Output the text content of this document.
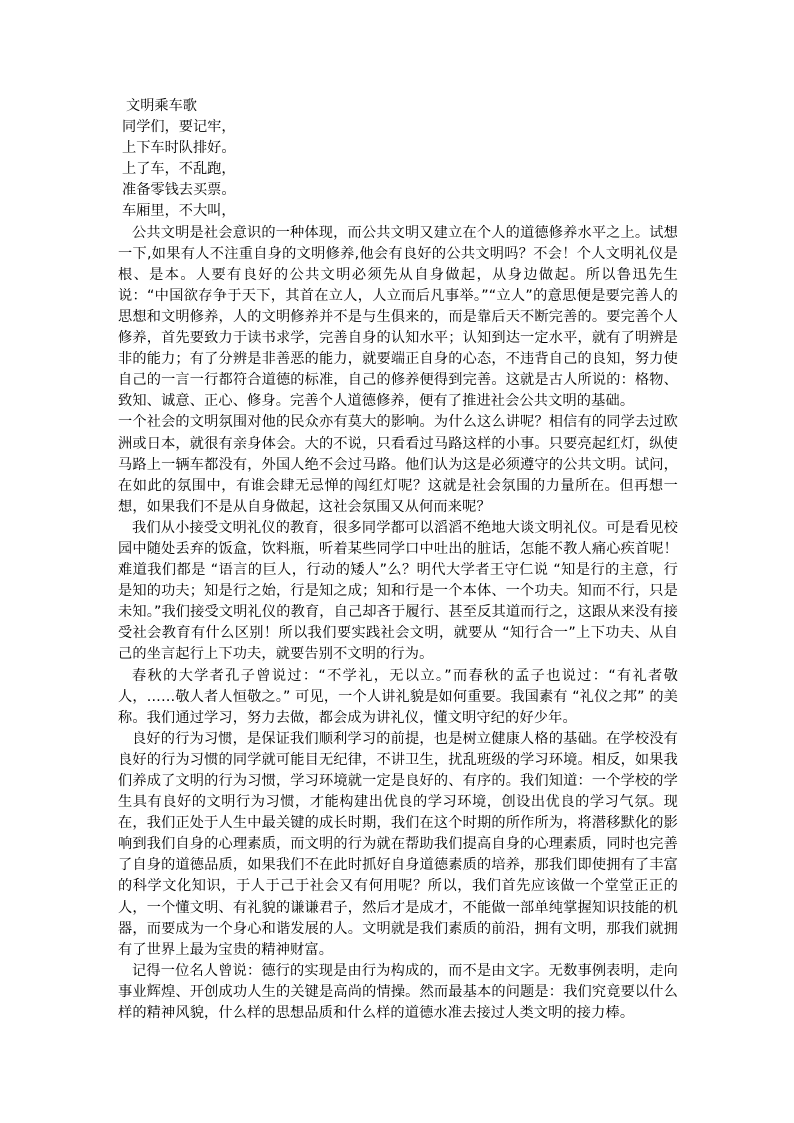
文明乘车歌
同学们，要记牢，
上下车时队排好。
上了车，不乱跑，
准备零钱去买票。
车厢里，不大叫，

公共文明是社会意识的一种体现，而公共文明又建立在个人的道德修养水平之上。试想一下,如果有人不注重自身的文明修养,他会有良好的公共文明吗？不会！个人文明礼仪是根、是本。人要有良好的公共文明必须先从自身做起，从身边做起。所以鲁迅先生说：“中国欲存争于天下，其首在立人，人立而后凡事举。”“立人”的意思便是要完善人的思想和文明修养，人的文明修养并不是与生俱来的，而是靠后天不断完善的。要完善个人修养，首先要致力于读书求学，完善自身的认知水平；认知到达一定水平，就有了明辨是非的能力；有了分辨是非善恶的能力，就要端正自身的心态，不违背自己的良知，努力使自己的一言一行都符合道德的标准，自己的修养便得到完善。这就是古人所说的：格物、致知、诚意、正心、修身。完善个人道德修养，便有了推进社会公共文明的基础。

一个社会的文明氛围对他的民众亦有莫大的影响。为什么这么讲呢？相信有的同学去过欧洲或日本，就很有亲身体会。大的不说，只看看过马路这样的小事。只要亮起红灯，纵使马路上一辆车都没有，外国人绝不会过马路。他们认为这是必须遵守的公共文明。试问，在如此的氛围中，有谁会肆无忌惮的闯红灯呢？这就是社会氛围的力量所在。但再想一想，如果我们不是从自身做起，这社会氛围又从何而来呢？

我们从小接受文明礼仪的教育，很多同学都可以滔滔不绝地大谈文明礼仪。可是看见校园中随处丢弃的饭盒，饮料瓶，听着某些同学口中吐出的脏话，怎能不教人痛心疾首呢！难道我们都是 “语言的巨人，行动的矮人”么？明代大学者王守仁说 “知是行的主意，行是知的功夫；知是行之始，行是知之成；知和行是一个本体、一个功夫。知而不行，只是未知。”我们接受文明礼仪的教育，自己却吝于履行、甚至反其道而行之，这跟从来没有接受社会教育有什么区别！所以我们要实践社会文明，就要从 “知行合一”上下功夫、从自己的坐言起行上下功夫，就要告别不文明的行为。

春秋的大学者孔子曾说过：“不学礼，无以立。”而春秋的孟子也说过：“有礼者敬人，……敬人者人恒敬之。” 可见，一个人讲礼貌是如何重要。我国素有 “礼仪之邦” 的美称。我们通过学习，努力去做，都会成为讲礼仪，懂文明守纪的好少年。

良好的行为习惯，是保证我们顺利学习的前提，也是树立健康人格的基础。在学校没有良好的行为习惯的同学就可能目无纪律，不讲卫生，扰乱班级的学习环境。相反，如果我们养成了文明的行为习惯，学习环境就一定是良好的、有序的。我们知道：一个学校的学生具有良好的文明行为习惯，才能构建出优良的学习环境，创设出优良的学习气氛。现在，我们正处于人生中最关键的成长时期，我们在这个时期的所作所为，将潜移默化的影响到我们自身的心理素质，而文明的行为就在帮助我们提高自身的心理素质，同时也完善了自身的道德品质，如果我们不在此时抓好自身道德素质的培养，那我们即使拥有了丰富的科学文化知识，于人于己于社会又有何用呢？所以，我们首先应该做一个堂堂正正的人，一个懂文明、有礼貌的谦谦君子，然后才是成才，不能做一部单纯掌握知识技能的机器，而要成为一个身心和谐发展的人。文明就是我们素质的前沿，拥有文明，那我们就拥有了世界上最为宝贵的精神财富。

记得一位名人曾说：德行的实现是由行为构成的，而不是由文字。无数事例表明，走向事业辉煌、开创成功人生的关键是高尚的情操。然而最基本的问题是：我们究竟要以什么样的精神风貌，什么样的思想品质和什么样的道德水准去接过人类文明的接力棒。
